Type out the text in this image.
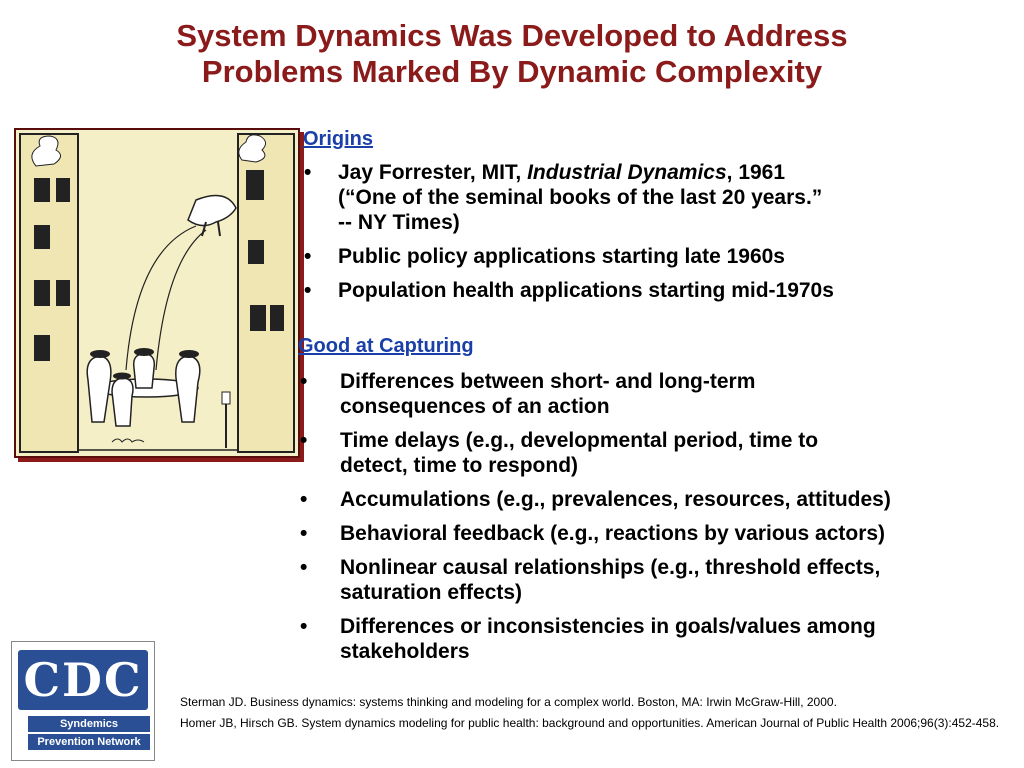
System Dynamics Was Developed to Address
Problems Marked By Dynamic Complexity
Origins
• Jay Forrester, MIT, Industrial Dynamics, 1961
(“One of the seminal books of the last 20 years.”
-- NY Times)
• Public policy applications starting late 1960s
• Population health applications starting mid-1970s
Good at Capturing
• Differences between short- and long-term
consequences of an action
• Time delays (e.g., developmental period, time to
detect, time to respond)
• Accumulations (e.g., prevalences, resources, attitudes)
• Behavioral feedback (e.g., reactions by various actors)
• Nonlinear causal relationships (e.g., threshold effects,
saturation effects)
• Differences or inconsistencies in goals/values among
stakeholders
CDC
Syndemics
Prevention Network

Sterman JD. Business dynamics: systems thinking and modeling for a complex world. Boston, MA: Irwin McGraw-Hill, 2000.

Homer JB, Hirsch GB. System dynamics modeling for public health: background and opportunities. American Journal of Public Health 2006;96(3):452-458.
